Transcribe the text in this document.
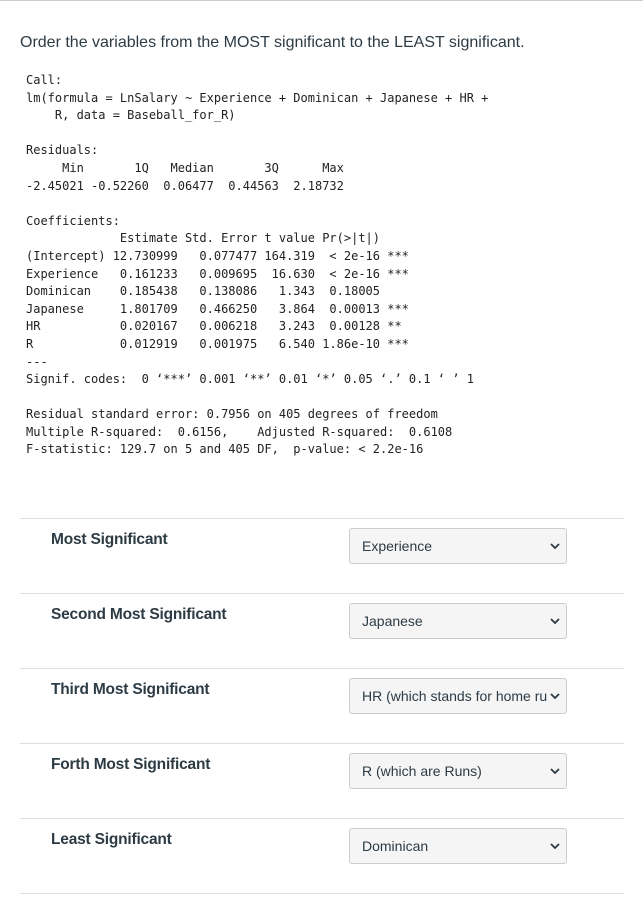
Order the variables from the MOST significant to the LEAST significant.
Call:
lm(formula = LnSalary ~ Experience + Dominican + Japanese + HR +
R, data = Baseball_for_R)

Residuals:
Min       1Q   Median       3Q      Max
-2.45021 -0.52260  0.06477  0.44563  2.18732

Coefficients:
Estimate Std. Error t value Pr(>|t|)
(Intercept) 12.730999   0.077477 164.319  < 2e-16 ***
Experience   0.161233   0.009695  16.630  < 2e-16 ***
Dominican    0.185438   0.138086   1.343  0.18005
Japanese     1.801709   0.466250   3.864  0.00013 ***
HR           0.020167   0.006218   3.243  0.00128 **
R            0.012919   0.001975   6.540 1.86e-10 ***
---
Signif. codes:  0 ‘***’ 0.001 ‘**’ 0.01 ‘*’ 0.05 ‘.’ 0.1 ‘ ’ 1

Residual standard error: 0.7956 on 405 degrees of freedom
Multiple R-squared:  0.6156,	Adjusted R-squared:  0.6108
F-statistic: 129.7 on 5 and 405 DF,  p-value: < 2.2e-16

Most Significant	Experience
Second Most Significant	Japanese
Third Most Significant	HR (which stands for home ru
Forth Most Significant	R (which are Runs)
Least Significant	Dominican
